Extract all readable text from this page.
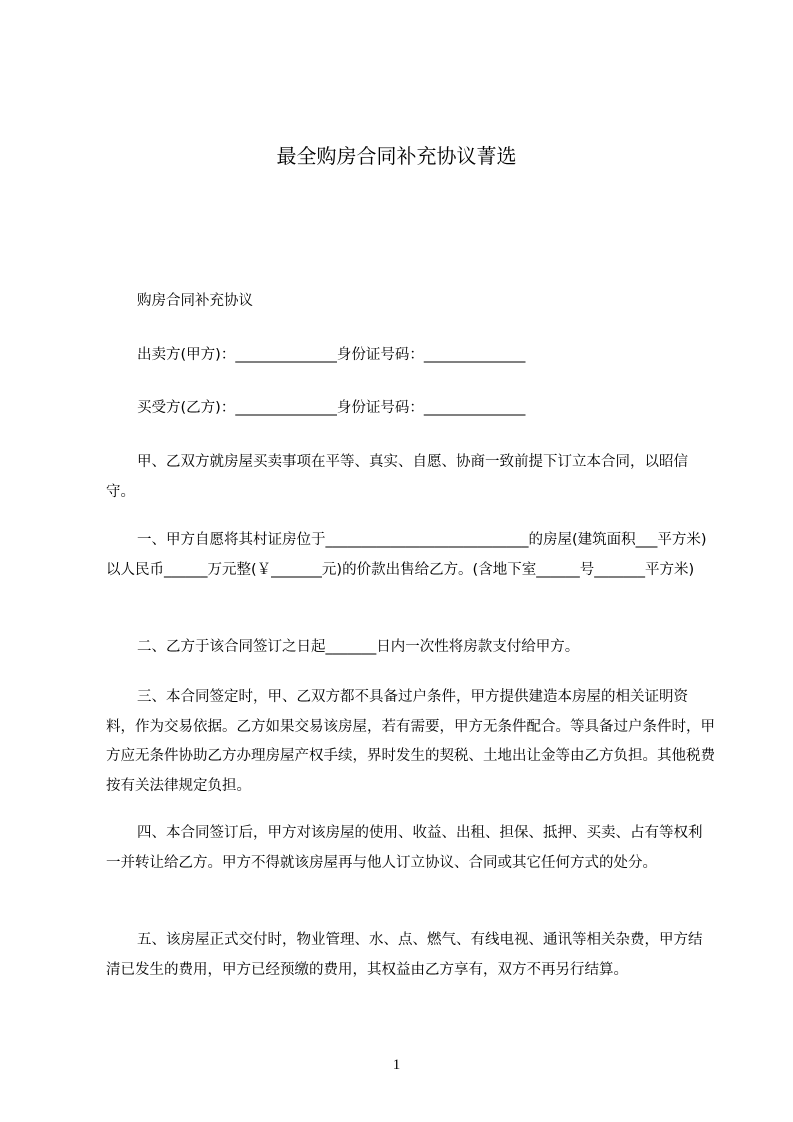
最全购房合同补充协议菁选
购房合同补充协议
出卖方(甲方)：______________身份证号码：______________
买受方(乙方)：______________身份证号码：______________
甲、乙双方就房屋买卖事项在平等、真实、自愿、协商一致前提下订立本合同，以昭信守。
一、甲方自愿将其村证房位于____________________________的房屋(建筑面积___平方米)以人民币______万元整(￥_______元)的价款出售给乙方。(含地下室______号_______平方米)
二、乙方于该合同签订之日起_______日内一次性将房款支付给甲方。
三、本合同签定时，甲、乙双方都不具备过户条件，甲方提供建造本房屋的相关证明资料，作为交易依据。乙方如果交易该房屋，若有需要，甲方无条件配合。等具备过户条件时，甲方应无条件协助乙方办理房屋产权手续，界时发生的契税、土地出让金等由乙方负担。其他税费按有关法律规定负担。
四、本合同签订后，甲方对该房屋的使用、收益、出租、担保、抵押、买卖、占有等权利一并转让给乙方。甲方不得就该房屋再与他人订立协议、合同或其它任何方式的处分。
五、该房屋正式交付时，物业管理、水、点、燃气、有线电视、通讯等相关杂费，甲方结清已发生的费用，甲方已经预缴的费用，其权益由乙方享有，双方不再另行结算。
1
